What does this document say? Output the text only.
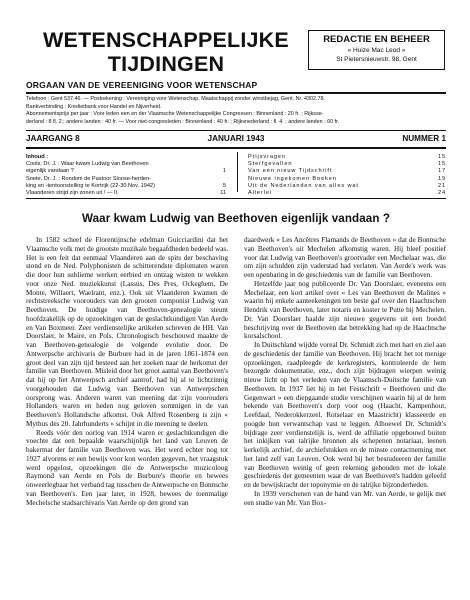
WETENSCHAPPELIJKE
TIJDINGEN
REDACTIE EN BEHEER
« Huize Mac Leod »
St Pietersnieuwstr. 98, Gent
ORGAAN VAN DE VEREENIGING VOOR WETENSCHAP
Telefoon : Gent 537.46. — Postrekening : Vereeniging voor Wetenschap, Maatschappij zonder winstbejag, Gent. Nr. 4302.78.
Bankverbinding : Kredietbank voor Handel en Nijverheid.
Abonnementsprijs per jaar : Voor leden een en der Vlaamsche Wetenschappelijke Congressen : Binnenland : 20 fr. ; Rijksse-
derland : 8 fl. 2.; andere landen : 40 fr. — Voor niet-congresleden : Binnenland : 40 fr. ; Rijksnederland : fl. 4. ; andere landen : 60 fr.
JAARGANG 8	JANUARI 1943	NUMMER 1
Inhoud :
Cools, Dr. J. : Waar kwam Ludwig van Beethoven
eigenlijk vandaan ?	1
Soete, Dr. J. : Rondom de Pastoor Sloose-herden-
king en -tentoonstelling te Kortrijk (22-30 Nov. 1942)	5
Vlaanderen strijd zijn zonen uit ! — II.	11
Prijsvragen	15
Sterfgevallen	15
Van een nieuw Tijdschrift	17
Nieuwe ingekomen Boeken	19
Uit de Nederlanden van alles wat	21
Allerlei	24
Waar kwam Ludwig van Beethoven eigenlijk vandaan ?

In 1582 scheef de Florentijnsche edelman Guicciardini dat het Vlaamsche volk met de grootste muzikale begaafdheden bedeeld was. Het is een feit dat eenmaal Vlaanderen aan de spits der beschaving stond en de Ned. Polyphonisten de schitterendste diplomaten waren die door hun sublieme werken eerbied en ontzag wisten te wekken voor onze Ned. muziekkunst (Lassus, Des Pres, Ockeghem, De Monte, Willaert, Waelrant, enz.). Ook uit Vlaanderen kwamen de rechtstreeksche voorouders van den grooten componist Ludwig van Beethoven. De huidige van Beethoven-genealogie steunt hoofdzakelijk op de opzoekingen van de geslachtkundigen Van Aerde en Van Boxmeer. Zeer verdienstelijke artikelen schreven de HH. Van Doorslaer, le Maire, en Pols. Chronologisch beschouwd maakte de van Beethoven-genealogie de volgende evolutie door. De Antwerpsche archivaris de Burbure had in de jaren 1861-1874 een groot deel van zijn tijd besteed aan het zoeken naar de herkomst der familie van Beethoven. Misleid door het groot aantal van Beethoven's dat hij op het Antwerpsch archief aantrof, had hij al te lichtzinnig voorgehouden dat Ludwig van Beethoven van Antwerpschen oorsprong was. Anderen waren van meening dat zijn voorouders Hollanders waren en heden nog geloven sommigen in de van Beethoven's Hollandsche afkomst. Ook Alfred Rosenberg is zijn « Mythus des 20. Jahrhunderts » schijnt in die meening te deelen.

Reeds vóór den oorlog van 1914 waren er geslachtkundigen die voechte dat een bepaalde waarschijnlijk het land van Leuven de bakermat der familie van Beethoven was. Het werd echter nog tot 1927 alvorens er een bewijs voor kon worden gegeven, het vraagstuk werd opgelost, opzoekingen die de Antwerpsche muzicoloog Raymond van Aerde en Pols de Burbure's theorie en bewees onweerlegbaar het verband tag tusschen de Antwerpsche en Bonnsche van Beethoven's. Een jaar later, in 1928, bewees de toenmalige Mechelsche stadsarchivaris Van Aerde op den grond van

daardwerk « Les Ancêtres Flamands de Beethoven » dat de Bonnsche van Beethoven's uit Mechelen afkomstig waren. Hij bleef positief voor dat Ludwig van Beethoven's grootvader een Mechelaar was, die om zijn schulden zijn vaderstad had verlaten. Van Aerde's werk was een openbaring in de geschiedenis van de familie van Beethoven.

Hetzelfde jaar nog publiceerde Dr. Van Doorslaer, eveneens een Mechelaar, een kort artikel over « Les van Beethoven de Malines » waarin hij enkele aanteekeningen ten beste gaf over den Haachtschen Hendrik van Beethoven, later notaris en koster te Putte bij Mechelen. Dr. Van Doorslaer haalde zijn nieuwe gegevens uit een boedel beschrijving over de Beethoven dat betrekking had op de Haachtsche korsalschool.

In Duitschland wijdde voreal Dr. Schmidt zich met hart en ziel aan de geschiedenis der familie van Beethoven. Hij bracht het tot menige opzoekingen, raadpleegde de kerkregisters, kontroleerde de hem bezorgde dokumentatie, enz., doch zijn bijdragen wierpen weinig nieuw licht op het verleden van de Vlaamsch-Duitsche familie van Beethoven. In 1937 liet hij in het Festschrift « Beethoven und die Gegenwart » een diepgaande studie verschijnen waarin hij al de hem bekende van Beethoven's dorp voor oog (Haacht, Kampenhout, Leefdaal, Nederokkerzeel, Rotselaar en Maastricht) klasseerde en poogde hun verwantschap vast te leggen. Alhoewel Dr. Schmidt's bijdrage zeer verdienstelijk is, werd de affiliatie opgebouwd buiten het inkijken van talrijke bronnen als schepenen notariaat, leenen kerkelijk archief, de archiefstukken en de minste contactneming met het land zelf van Leuven. Ook werd bij het bestudeeren der familie van Beethoven weinig of geen rekening gehouden met de lokale geschiedenis der gemeenten waar de van Beethoven's hadden geleefd en de bewijskracht der toponymie en de talrijke bijzonderheden.

In 1939 verschenen van de hand van Mr. van Aerde, te gelijk met een studie van Mr. Van Box-
